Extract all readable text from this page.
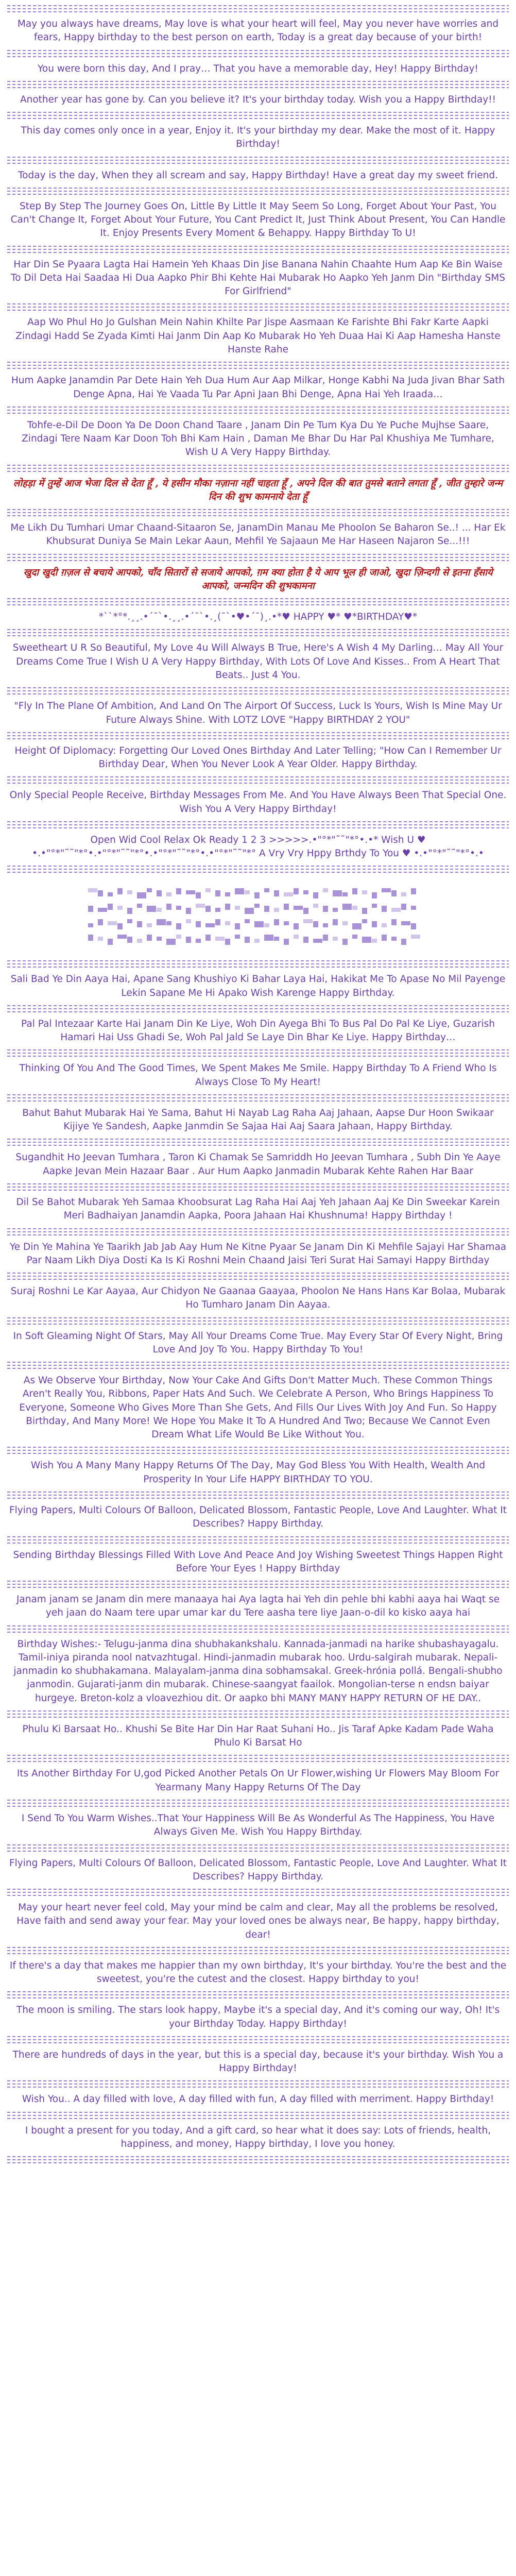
May you always have dreams, May love is what your heart will feel, May you never have worries and fears, Happy birthday to the best person on earth, Today is a great day because of your birth!

You were born this day, And I pray… That you have a memorable day, Hey! Happy Birthday!

Another year has gone by. Can you believe it? It's your birthday today. Wish you a Happy Birthday!!

This day comes only once in a year, Enjoy it. It's your birthday my dear. Make the most of it. Happy Birthday!

Today is the day, When they all scream and say, Happy Birthday! Have a great day my sweet friend.

Step By Step The Journey Goes On, Little By Little It May Seem So Long, Forget About Your Past, You Can't Change It, Forget About Your Future, You Cant Predict It, Just Think About Present, You Can Handle It. Enjoy Presents Every Moment & Behappy. Happy Birthday To U!

Har Din Se Pyaara Lagta Hai Hamein Yeh Khaas Din Jise Banana Nahin Chaahte Hum Aap Ke Bin Waise To Dil Deta Hai Saadaa Hi Dua Aapko Phir Bhi Kehte Hai Mubarak Ho Aapko Yeh Janm Din "Birthday SMS For Girlfriend"

Aap Wo Phul Ho Jo Gulshan Mein Nahin Khilte Par Jispe Aasmaan Ke Farishte Bhi Fakr Karte Aapki Zindagi Hadd Se Zyada Kimti Hai Janm Din Aap Ko Mubarak Ho Yeh Duaa Hai Ki Aap Hamesha Hanste Hanste Rahe

Hum Aapke Janamdin Par Dete Hain Yeh Dua Hum Aur Aap Milkar, Honge Kabhi Na Juda Jivan Bhar Sath Denge Apna, Hai Ye Vaada Tu Par Apni Jaan Bhi Denge, Apna Hai Yeh Iraada…

Tohfe-e-Dil De Doon Ya De Doon Chand Taare , Janam Din Pe Tum Kya Du Ye Puche Mujhse Saare, Zindagi Tere Naam Kar Doon Toh Bhi Kam Hain , Daman Me Bhar Du Har Pal Khushiya Me Tumhare, Wish U A Very Happy Birthday.

लोहड़ा में तुम्हें आज भेजा दिल से देता हूँ , ये हसीन मौका नज़ाना नहीं चाहता हूँ , अपने दिल की बात तुमसे बताने लगता हूँ , जीत तुम्हारे जन्म दिन की शुभ कामनाये देता हूँ

Me Likh Du Tumhari Umar Chaand-Sitaaron Se, JanamDin Manau Me Phoolon Se Baharon Se..! ... Har Ek Khubsurat Duniya Se Main Lekar Aaun, Mehfil Ye Sajaaun Me Har Haseen Najaron Se...!!!

खुदा खुदी ग़ज़ल से बचाये आपको, चाँद सितारों से सजाये आपको, ग़म क्या होता है ये आप भूल ही जाओ, खुदा ज़िन्दगी से इतना हँसाये आपको, जन्मदिन की शुभकामना

*``*°*.¸¸.•´¯`•.¸¸.•´¯`•.¸(¯`•♥•´¯)¸.•*♥ HAPPY ♥* ♥*BIRTHDAY♥*

Sweetheart U R So Beautiful, My Love 4u Will Always B True, Here's A Wish 4 My Darling… May All Your Dreams Come True I Wish U A Very Happy Birthday, With Lots Of Love And Kisses.. From A Heart That Beats.. Just 4 You.

"Fly In The Plane Of Ambition, And Land On The Airport Of Success, Luck Is Yours, Wish Is Mine May Ur Future Always Shine. With LOTZ LOVE "Happy BIRTHDAY 2 YOU"

Height Of Diplomacy: Forgetting Our Loved Ones Birthday And Later Telling; "How Can I Remember Ur Birthday Dear, When You Never Look A Year Older. Happy Birthday.

Only Special People Receive, Birthday Messages From Me. And You Have Always Been That Special One. Wish You A Very Happy Birthday!

Open Wid Cool Relax Ok Ready 1 2 3 >>>>>.•"°*"˜˜"*°•.•* Wish U ♥ •.•"°*"˜˜"*°•.•"°*"˜˜"*°•.•"°*"˜˜"*°•.•"°*"˜˜"*° A Vry Vry Hppy Brthdy To You ♥ •.•"°*"˜˜"*°•.•

Sali Bad Ye Din Aaya Hai, Apane Sang Khushiyo Ki Bahar Laya Hai, Hakikat Me To Apase No Mil Payenge Lekin Sapane Me Hi Apako Wish Karenge Happy Birthday.

Pal Pal Intezaar Karte Hai Janam Din Ke Liye, Woh Din Ayega Bhi To Bus Pal Do Pal Ke Liye, Guzarish Hamari Hai Uss Ghadi Se, Woh Pal Jald Se Laye Din Bhar Ke Liye. Happy Birthday…

Thinking Of You And The Good Times, We Spent Makes Me Smile. Happy Birthday To A Friend Who Is Always Close To My Heart!

Bahut Bahut Mubarak Hai Ye Sama, Bahut Hi Nayab Lag Raha Aaj Jahaan, Aapse Dur Hoon Swikaar Kijiye Ye Sandesh, Aapke Janmdin Se Sajaa Hai Aaj Saara Jahaan, Happy Birthday.

Sugandhit Ho Jeevan Tumhara , Taron Ki Chamak Se Samriddh Ho Jeevan Tumhara , Subh Din Ye Aaye Aapke Jevan Mein Hazaar Baar . Aur Hum Aapko Janmadin Mubarak Kehte Rahen Har Baar

Dil Se Bahot Mubarak Yeh Samaa Khoobsurat Lag Raha Hai Aaj Yeh Jahaan Aaj Ke Din Sweekar Karein Meri Badhaiyan Janamdin Aapka, Poora Jahaan Hai Khushnuma! Happy Birthday !

Ye Din Ye Mahina Ye Taarikh Jab Jab Aay Hum Ne Kitne Pyaar Se Janam Din Ki Mehfile Sajayi Har Shamaa Par Naam Likh Diya Dosti Ka Is Ki Roshni Mein Chaand Jaisi Teri Surat Hai Samayi Happy Birthday

Suraj Roshni Le Kar Aayaa, Aur Chidyon Ne Gaanaa Gaayaa, Phoolon Ne Hans Hans Kar Bolaa, Mubarak Ho Tumharo Janam Din Aayaa.

In Soft Gleaming Night Of Stars, May All Your Dreams Come True. May Every Star Of Every Night, Bring Love And Joy To You. Happy Birthday To You!

As We Observe Your Birthday, Now Your Cake And Gifts Don't Matter Much. These Common Things Aren't Really You, Ribbons, Paper Hats And Such. We Celebrate A Person, Who Brings Happiness To Everyone, Someone Who Gives More Than She Gets, And Fills Our Lives With Joy And Fun. So Happy Birthday, And Many More! We Hope You Make It To A Hundred And Two; Because We Cannot Even Dream What Life Would Be Like Without You.

Wish You A Many Many Happy Returns Of The Day, May God Bless You With Health, Wealth And Prosperity In Your Life HAPPY BIRTHDAY TO YOU.

Flying Papers, Multi Colours Of Balloon, Delicated Blossom, Fantastic People, Love And Laughter. What It Describes? Happy Birthday.

Sending Birthday Blessings Filled With Love And Peace And Joy Wishing Sweetest Things Happen Right Before Your Eyes ! Happy Birthday

Janam janam se Janam din mere manaaya hai Aya lagta hai Yeh din pehle bhi kabhi aaya hai Waqt se yeh jaan do Naam tere upar umar kar du Tere aasha tere liye Jaan-o-dil ko kisko aaya hai

Birthday Wishes:- Telugu-janma dina shubhakankshalu. Kannada-janmadi na harike shubashayagalu. Tamil-iniya piranda nool natvazhtugal. Hindi-janmadin mubarak hoo. Urdu-salgirah mubarak. Nepali-janmadin ko shubhakamana. Malayalam-janma dina sobhamsakal. Greek-hrónia pollá. Bengali-shubho janmodin. Gujarati-janm din mubarak. Chinese-saangyat faailok. Mongolian-terse n endsn baiyar hurgeye. Breton-kolz a vloavezhiou dit. Or aapko bhi MANY MANY HAPPY RETURN OF HE DAY..

Phulu Ki Barsaat Ho.. Khushi Se Bite Har Din Har Raat Suhani Ho.. Jis Taraf Apke Kadam Pade Waha Phulo Ki Barsat Ho

Its Another Birthday For U,god Picked Another Petals On Ur Flower,wishing Ur Flowers May Bloom For Yearmany Many Happy Returns Of The Day

I Send To You Warm Wishes..That Your Happiness Will Be As Wonderful As The Happiness, You Have Always Given Me. Wish You Happy Birthday.

Flying Papers, Multi Colours Of Balloon, Delicated Blossom, Fantastic People, Love And Laughter. What It Describes? Happy Birthday.

May your heart never feel cold, May your mind be calm and clear, May all the problems be resolved, Have faith and send away your fear. May your loved ones be always near, Be happy, happy birthday, dear!

If there's a day that makes me happier than my own birthday, It's your birthday. You're the best and the sweetest, you're the cutest and the closest. Happy birthday to you!

The moon is smiling. The stars look happy, Maybe it's a special day, And it's coming our way, Oh! It's your Birthday Today. Happy Birthday!

There are hundreds of days in the year, but this is a special day, because it's your birthday. Wish You a Happy Birthday!

Wish You.. A day filled with love, A day filled with fun, A day filled with merriment. Happy Birthday!

I bought a present for you today, And a gift card, so hear what it does say: Lots of friends, health, happiness, and money, Happy birthday, I love you honey.
